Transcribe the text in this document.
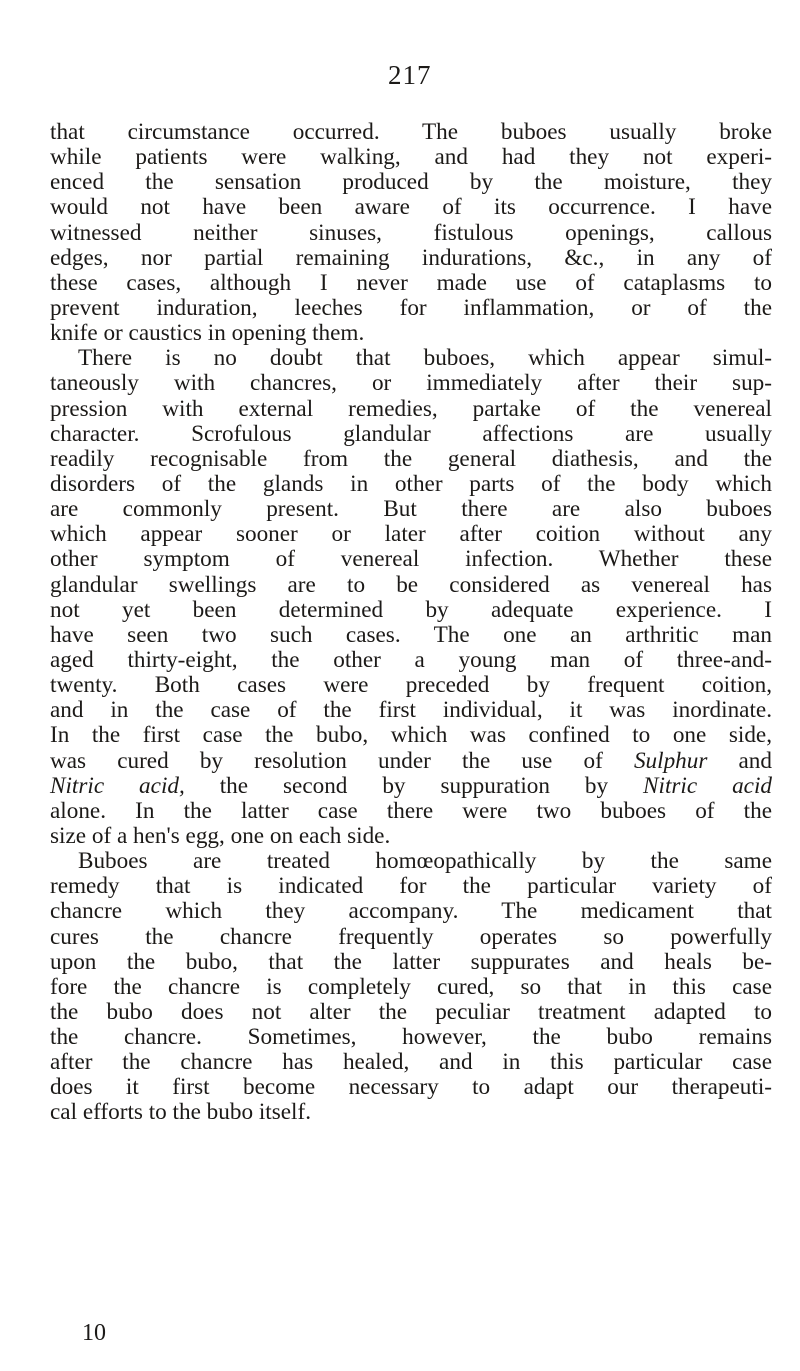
217
that circumstance occurred. The buboes usually broke
while patients were walking, and had they not experi-
enced the sensation produced by the moisture, they
would not have been aware of its occurrence. I have
witnessed neither sinuses, fistulous openings, callous
edges, nor partial remaining indurations, &c., in any of
these cases, although I never made use of cataplasms to
prevent induration, leeches for inflammation, or of the
knife or caustics in opening them.
There is no doubt that buboes, which appear simul-
taneously with chancres, or immediately after their sup-
pression with external remedies, partake of the venereal
character. Scrofulous glandular affections are usually
readily recognisable from the general diathesis, and the
disorders of the glands in other parts of the body which
are commonly present. But there are also buboes
which appear sooner or later after coition without any
other symptom of venereal infection. Whether these
glandular swellings are to be considered as venereal has
not yet been determined by adequate experience. I
have seen two such cases. The one an arthritic man
aged thirty-eight, the other a young man of three-and-
twenty. Both cases were preceded by frequent coition,
and in the case of the first individual, it was inordinate.
In the first case the bubo, which was confined to one side,
was cured by resolution under the use of Sulphur and
Nitric acid, the second by suppuration by Nitric acid
alone. In the latter case there were two buboes of the
size of a hen's egg, one on each side.
Buboes are treated homœopathically by the same
remedy that is indicated for the particular variety of
chancre which they accompany. The medicament that
cures the chancre frequently operates so powerfully
upon the bubo, that the latter suppurates and heals be-
fore the chancre is completely cured, so that in this case
the bubo does not alter the peculiar treatment adapted to
the chancre. Sometimes, however, the bubo remains
after the chancre has healed, and in this particular case
does it first become necessary to adapt our therapeuti-
cal efforts to the bubo itself.
10
